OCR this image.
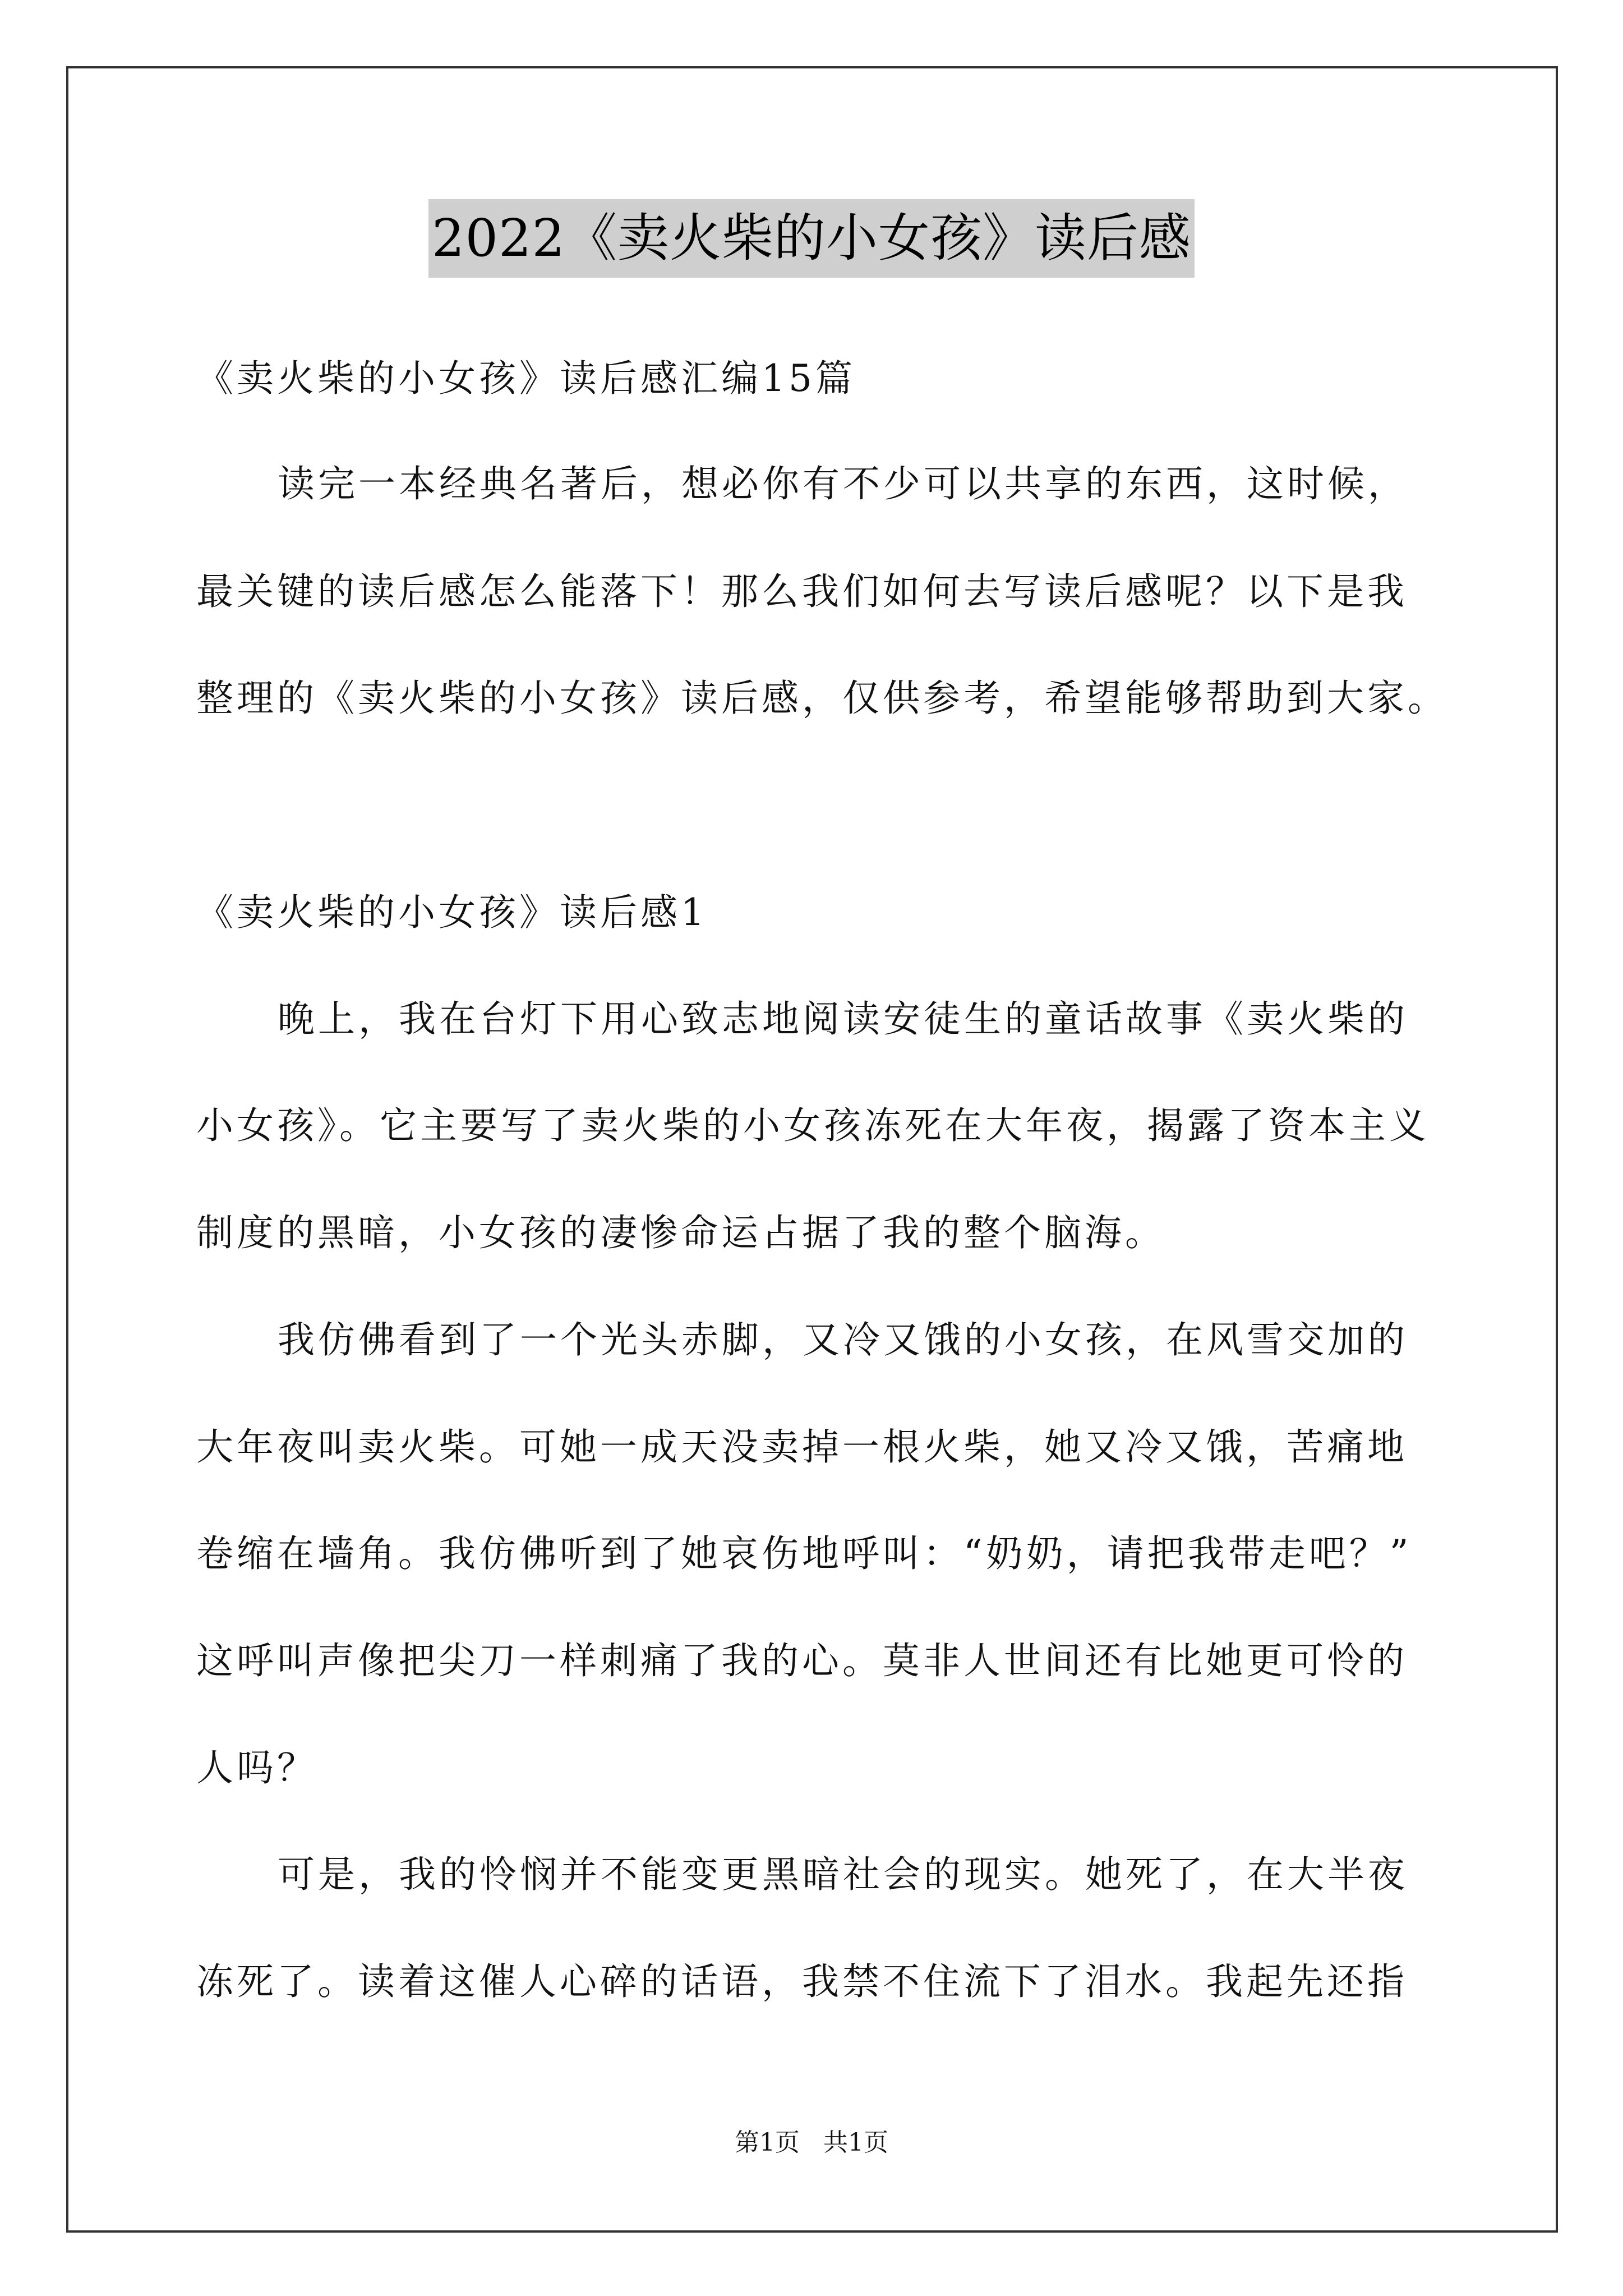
2022《卖火柴的小女孩》读后感
《卖火柴的小女孩》读后感汇编15篇
读完一本经典名著后，想必你有不少可以共享的东西，这时候，
最关键的读后感怎么能落下！那么我们如何去写读后感呢？以下是我
整理的《卖火柴的小女孩》读后感，仅供参考，希望能够帮助到大家。
《卖火柴的小女孩》读后感1
晚上，我在台灯下用心致志地阅读安徒生的童话故事《卖火柴的
小女孩》。它主要写了卖火柴的小女孩冻死在大年夜，揭露了资本主义
制度的黑暗，小女孩的凄惨命运占据了我的整个脑海。
我仿佛看到了一个光头赤脚，又冷又饿的小女孩，在风雪交加的
大年夜叫卖火柴。可她一成天没卖掉一根火柴，她又冷又饿，苦痛地
卷缩在墙角。我仿佛听到了她哀伤地呼叫：“奶奶，请把我带走吧？”
这呼叫声像把尖刀一样刺痛了我的心。莫非人世间还有比她更可怜的
人吗？
可是，我的怜悯并不能变更黑暗社会的现实。她死了，在大半夜
冻死了。读着这催人心碎的话语，我禁不住流下了泪水。我起先还指
第1页   共1页
